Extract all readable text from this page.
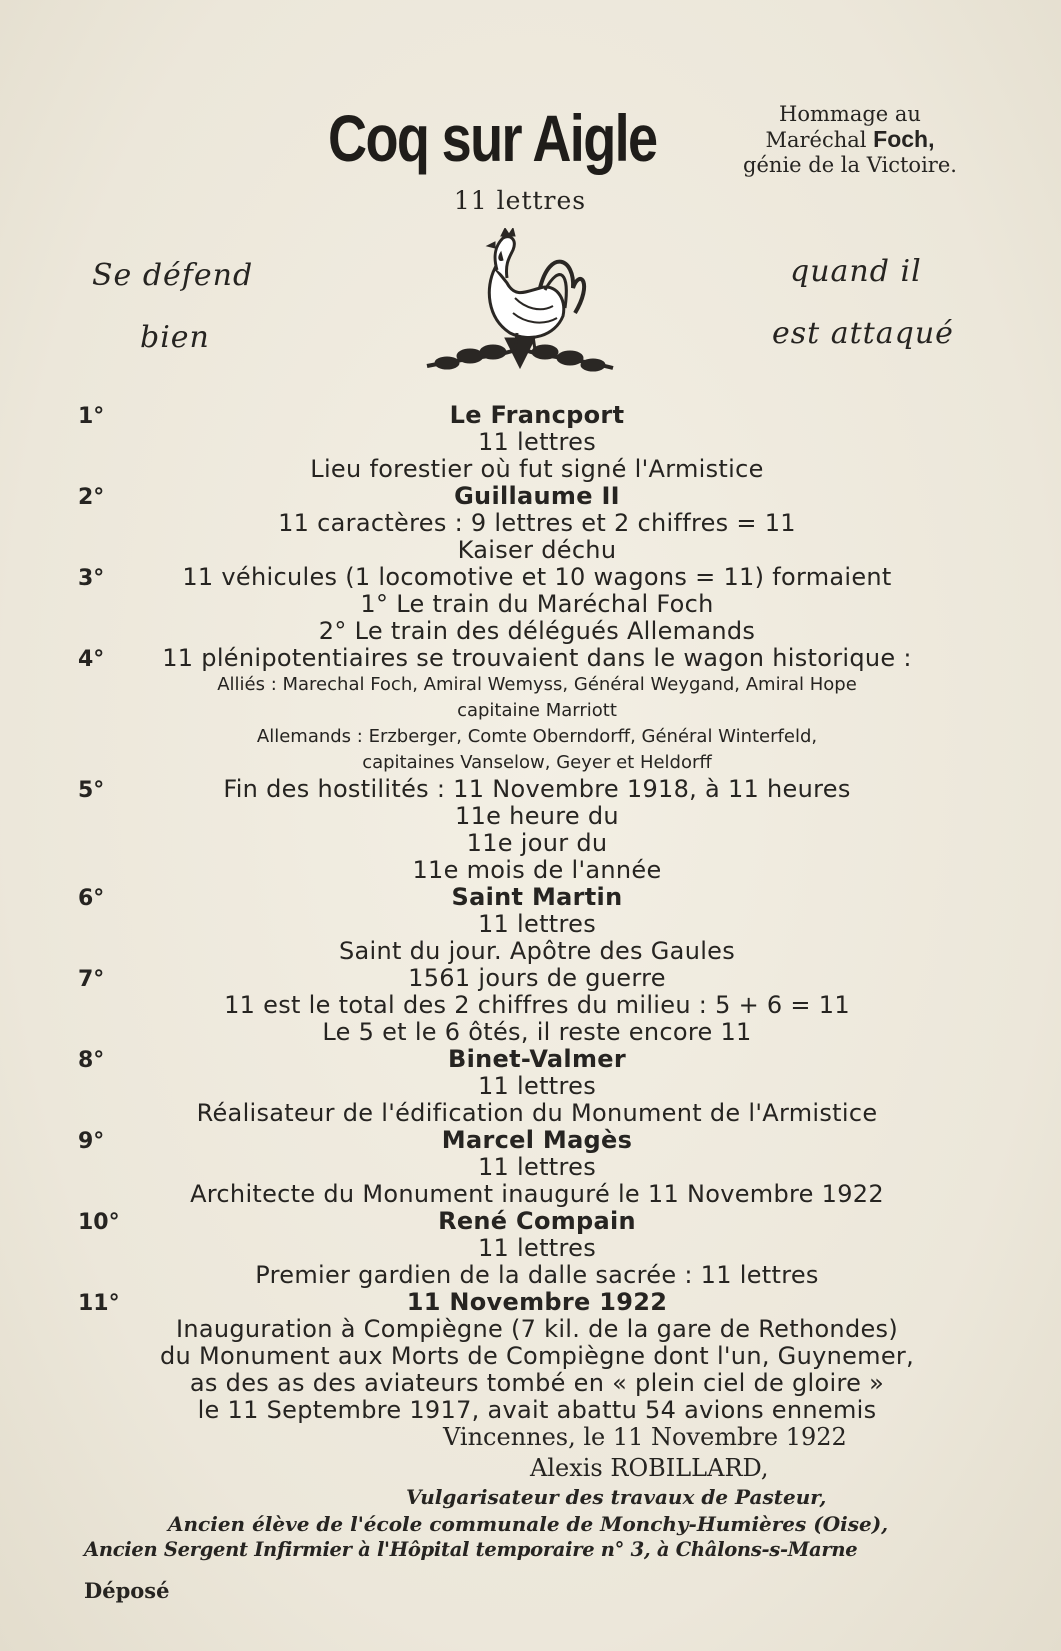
Coq sur Aigle
11 lettres
Hommage au
Maréchal Foch,
génie de la Victoire.
Se défend
bien
quand il
est attaqué
1°	Le Francport
11 lettres
Lieu forestier où fut signé l'Armistice
2°	Guillaume II
11 caractères : 9 lettres et 2 chiffres = 11
Kaiser déchu
3°	11 véhicules (1 locomotive et 10 wagons = 11) formaient
1° Le train du Maréchal Foch
2° Le train des délégués Allemands
4°	11 plénipotentiaires se trouvaient dans le wagon historique :
Alliés : Marechal Foch, Amiral Wemyss, Général Weygand, Amiral Hope
capitaine Marriott
Allemands : Erzberger, Comte Oberndorff, Général Winterfeld,
capitaines Vanselow, Geyer et Heldorff
5°	Fin des hostilités : 11 Novembre 1918, à 11 heures
11e heure du
11e jour du
11e mois de l'année
6°	Saint Martin
11 lettres
Saint du jour. Apôtre des Gaules
7°	1561 jours de guerre
11 est le total des 2 chiffres du milieu : 5 + 6 = 11
Le 5 et le 6 ôtés, il reste encore 11
8°	Binet-Valmer
11 lettres
Réalisateur de l'édification du Monument de l'Armistice
9°	Marcel Magès
11 lettres
Architecte du Monument inauguré le 11 Novembre 1922
10°	René Compain
11 lettres
Premier gardien de la dalle sacrée : 11 lettres
11°	11 Novembre 1922
Inauguration à Compiègne (7 kil. de la gare de Rethondes)
du Monument aux Morts de Compiègne dont l'un, Guynemer,
as des as des aviateurs tombé en « plein ciel de gloire »
le 11 Septembre 1917, avait abattu 54 avions ennemis
Vincennes, le 11 Novembre 1922
Alexis ROBILLARD,
Vulgarisateur des travaux de Pasteur,
Ancien élève de l'école communale de Monchy-Humières (Oise),
Ancien Sergent Infirmier à l'Hôpital temporaire n° 3, à Châlons-s-Marne
Déposé
